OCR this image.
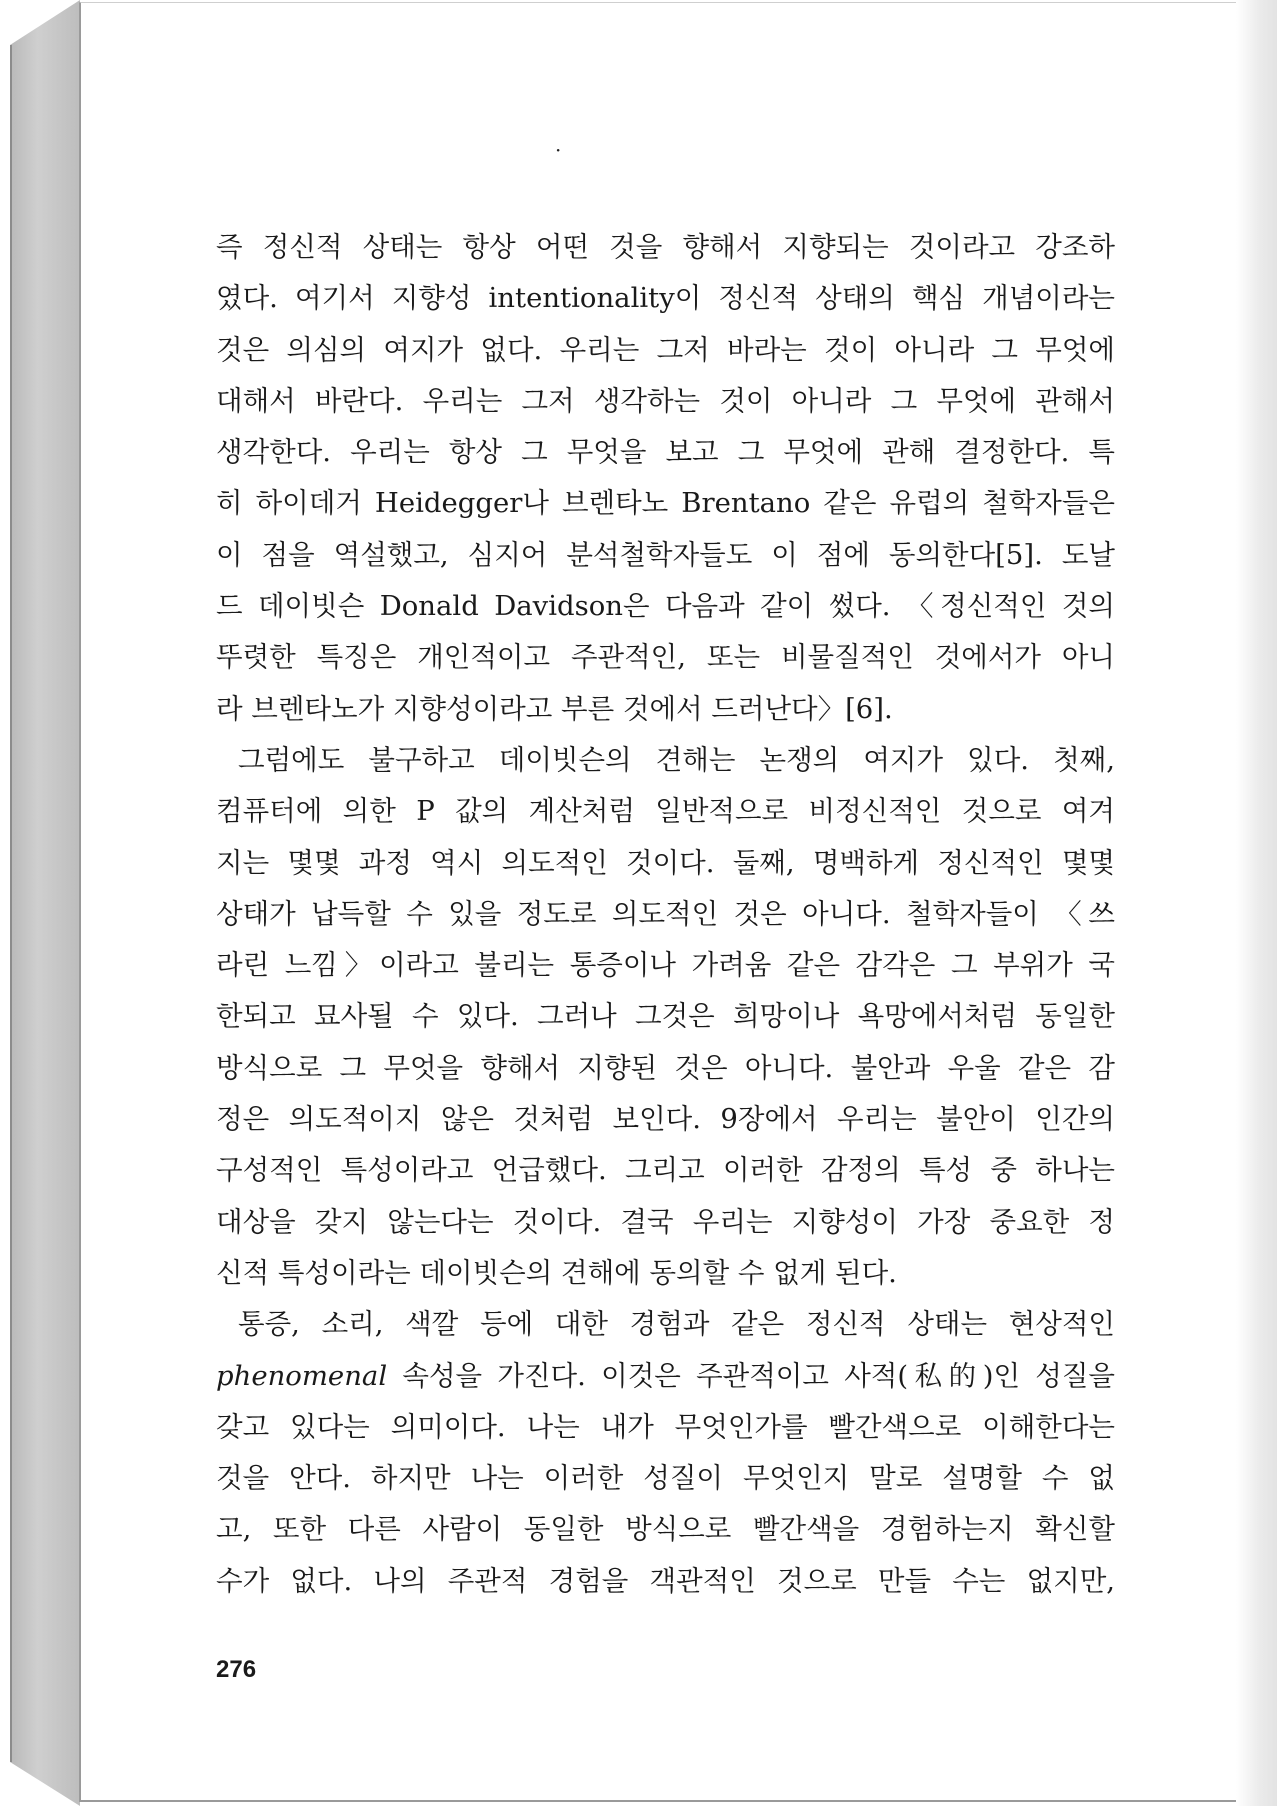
·
즉 정신적 상태는 항상 어떤 것을 향해서 지향되는 것이라고 강조하
였다. 여기서 지향성 intentionality이 정신적 상태의 핵심 개념이라는
것은 의심의 여지가 없다. 우리는 그저 바라는 것이 아니라 그 무엇에
대해서 바란다. 우리는 그저 생각하는 것이 아니라 그 무엇에 관해서
생각한다. 우리는 항상 그 무엇을 보고 그 무엇에 관해 결정한다. 특
히 하이데거 Heidegger나 브렌타노 Brentano 같은 유럽의 철학자들은
이 점을 역설했고, 심지어 분석철학자들도 이 점에 동의한다[5]. 도날
드 데이빗슨 Donald Davidson은 다음과 같이 썼다. 〈정신적인 것의
뚜렷한 특징은 개인적이고 주관적인, 또는 비물질적인 것에서가 아니
라 브렌타노가 지향성이라고 부른 것에서 드러난다〉[6].
그럼에도 불구하고 데이빗슨의 견해는 논쟁의 여지가 있다. 첫째,
컴퓨터에 의한 P 값의 계산처럼 일반적으로 비정신적인 것으로 여겨
지는 몇몇 과정 역시 의도적인 것이다. 둘째, 명백하게 정신적인 몇몇
상태가 납득할 수 있을 정도로 의도적인 것은 아니다. 철학자들이 〈쓰
라린 느낌〉이라고 불리는 통증이나 가려움 같은 감각은 그 부위가 국
한되고 묘사될 수 있다. 그러나 그것은 희망이나 욕망에서처럼 동일한
방식으로 그 무엇을 향해서 지향된 것은 아니다. 불안과 우울 같은 감
정은 의도적이지 않은 것처럼 보인다. 9장에서 우리는 불안이 인간의
구성적인 특성이라고 언급했다. 그리고 이러한 감정의 특성 중 하나는
대상을 갖지 않는다는 것이다. 결국 우리는 지향성이 가장 중요한 정
신적 특성이라는 데이빗슨의 견해에 동의할 수 없게 된다.
통증, 소리, 색깔 등에 대한 경험과 같은 정신적 상태는 현상적인
phenomenal 속성을 가진다. 이것은 주관적이고 사적(私的)인 성질을
갖고 있다는 의미이다. 나는 내가 무엇인가를 빨간색으로 이해한다는
것을 안다. 하지만 나는 이러한 성질이 무엇인지 말로 설명할 수 없
고, 또한 다른 사람이 동일한 방식으로 빨간색을 경험하는지 확신할
수가 없다. 나의 주관적 경험을 객관적인 것으로 만들 수는 없지만,
276
